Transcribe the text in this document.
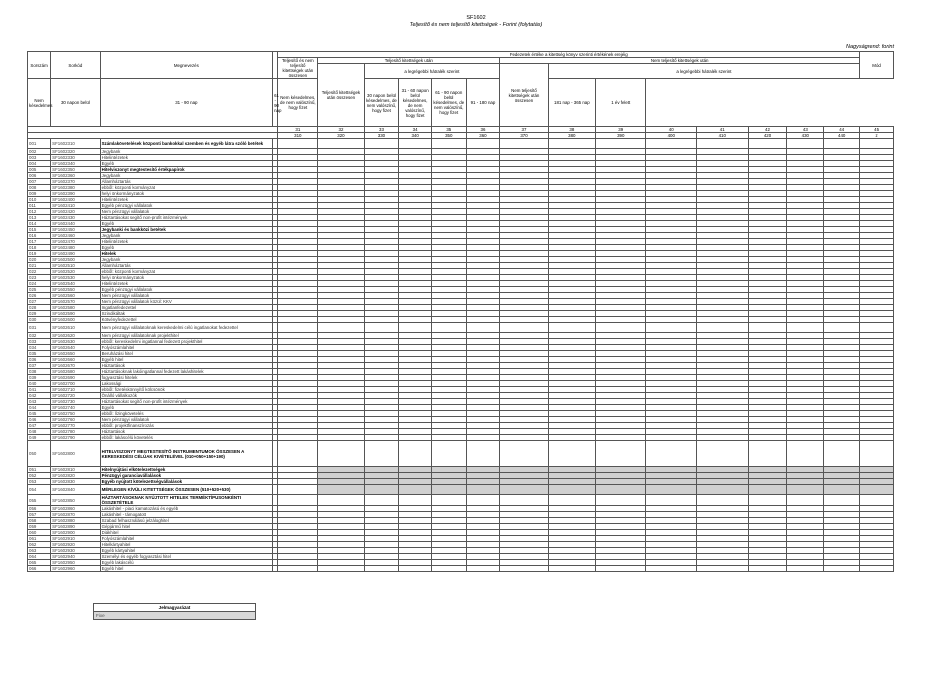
SF1602
Teljesítő és nem teljesítő kitettségek - Forint (folytatás)
Nagyságrend: forint
Sorszám	Sorkód	Megnevezés		Fedezetek értéke a kitettség könyv szerinti értékének erejéig														Mód
				Teljesítő és nem teljesítő kitettségek után összesen	Teljesítő kitettségek után					Nem teljesítő kitettségek után								
					Teljesítő kitettségek után összesen	a legrégebbi hátralék szerint				Nem teljesítő kitettségek után összesen	a legrégebbi hátralék szerint							
Nem késedelmes	30 napon belül	31 - 90 nap	61 - 90 nap	Nem késedelmes, de nem valószínű, hogy fizet		30 napon belül késedelmes, de nem valószínű, hogy fizet	31 - 60 napon belül késedelmes, de nem valószínű, hogy fizet	61 - 90 napon belül késedelmes, de nem valószínű, hogy fizet	91 - 180 nap		181 nap - 365 nap	1 év felett						
				31	32	33	34	35	36	37	38	39	40	41	42	43	44	45
				310	320	330	340	350	360	370	380	390	400	410	420	430	440	z
001	SF1602310	Számlakövetelések központi bankokkal szemben és egyéb látra szóló betétek																
002	SF1602320	Jegybank																
003	SF1602330	Hitelintézetek																
004	SF1602340	Egyéb																
005	SF1602350	Hitelviszonyt megtestesítő értékpapírok																
006	SF1602360	Jegybank																
007	SF1602370	Államháztartás																
008	SF1602380	ebből: központi kormányzat																
009	SF1602390	helyi önkormányzatok																
010	SF1602400	Hitelintézetek																
011	SF1602410	Egyéb pénzügyi vállalatok																
012	SF1602420	Nem pénzügyi vállalatok																
013	SF1602430	Háztartásokat segítő non-profit intézmények																
014	SF1602440	Egyéb																
015	SF1602450	Jegybanki és bankközi betétek																
016	SF1602460	Jegybank																
017	SF1602470	Hitelintézetek																
018	SF1602480	Egyéb																
019	SF1602490	Hitelek																
020	SF1602500	Jegybank																
021	SF1602510	Államháztartás																
022	SF1602520	ebből: központi kormányzat																
023	SF1602530	helyi önkormányzatok																
024	SF1602540	Hitelintézetek																
025	SF1602550	Egyéb pénzügyi vállalatok																
026	SF1602560	Nem pénzügyi vállalatok																
027	SF1602570	Nem pénzügyi vállalatok közül: KKV																
028	SF1602580	Ingatlanfedezettel																
029	SF1602590	Szindikáltak																
030	SF1602600	Kötvényfedezettel																
031	SF1602610	Nem pénzügyi vállalatoknak kereskedelmi célú ingatlanokat fedezettel																
032	SF1602620	Nem pénzügyi vállalatoknak projekthitel																
033	SF1602630	ebből: kereskedelmi ingatlannal fedezett projekthitel																
034	SF1602640	Folyószámlahitel																
035	SF1602650	Beruházási hitel																
036	SF1602660	Egyéb hitel																
037	SF1602670	Háztartások																
038	SF1602680	Háztartásoknak lakóingatlannal fedezett lakáshitelek																
039	SF1602690	fogyasztási hitelek																
040	SF1602700	Lakossági																
041	SF1602710	ebből: fizetéskönnyítő kölcsönök																
042	SF1602720	Önálló vállalkozók																
043	SF1602730	Háztartásokat segítő non-profit intézmények																
044	SF1602740	Egyéb																
045	SF1602750	ebből: lízingkövetelés																
046	SF1602760	Nem pénzügyi vállalatok																
047	SF1602770	ebből: projektfinanszírozás																
048	SF1602780	Háztartások																
049	SF1602790	ebből: lakáscélú követelés																
050	SF1602800	HITELVISZONYT MEGTESTESÍTŐ INSTRUMENTUMOK ÖSSZESEN A KERESKEDÉSI CÉLÚAK KIVÉTELÉVEL (010+050+150+190)																
051	SF1602810	Hitelnyújtási elkötelezettségek																
052	SF1602820	Pénzügyi garanciavállalások																
053	SF1602830	Egyéb nyújtott kötelezettségvállalások																
054	SF1602840	MÉRLEGEN KÍVÜLI KITETTSÉGEK ÖSSZESEN (510+520+530)																
055	SF1602850	HÁZTARTÁSOKNAK NYÚJTOTT HITELEK TERMÉKTÍPUSONKÉNTI ÖSSZETÉTELE																
056	SF1602860	Lakáshitel - piaci kamatozású és egyéb																
057	SF1602870	Lakáshitel - támogatott																
058	SF1602880	Szabad felhasználású jelzáloghitel																
059	SF1602890	Gépjármű hitel																
060	SF1602900	Diákhitel																
061	SF1602910	Folyószámlahitel																
062	SF1602920	Hitelkártyahitel																
063	SF1602930	Egyéb kártyahitel																
064	SF1602940	Személyi és egyéb fogyasztási hitel																
065	SF1602950	Egyéb lakáscélú																
066	SF1602960	Egyéb hitel																
Jelmagyarázat
Fixe
